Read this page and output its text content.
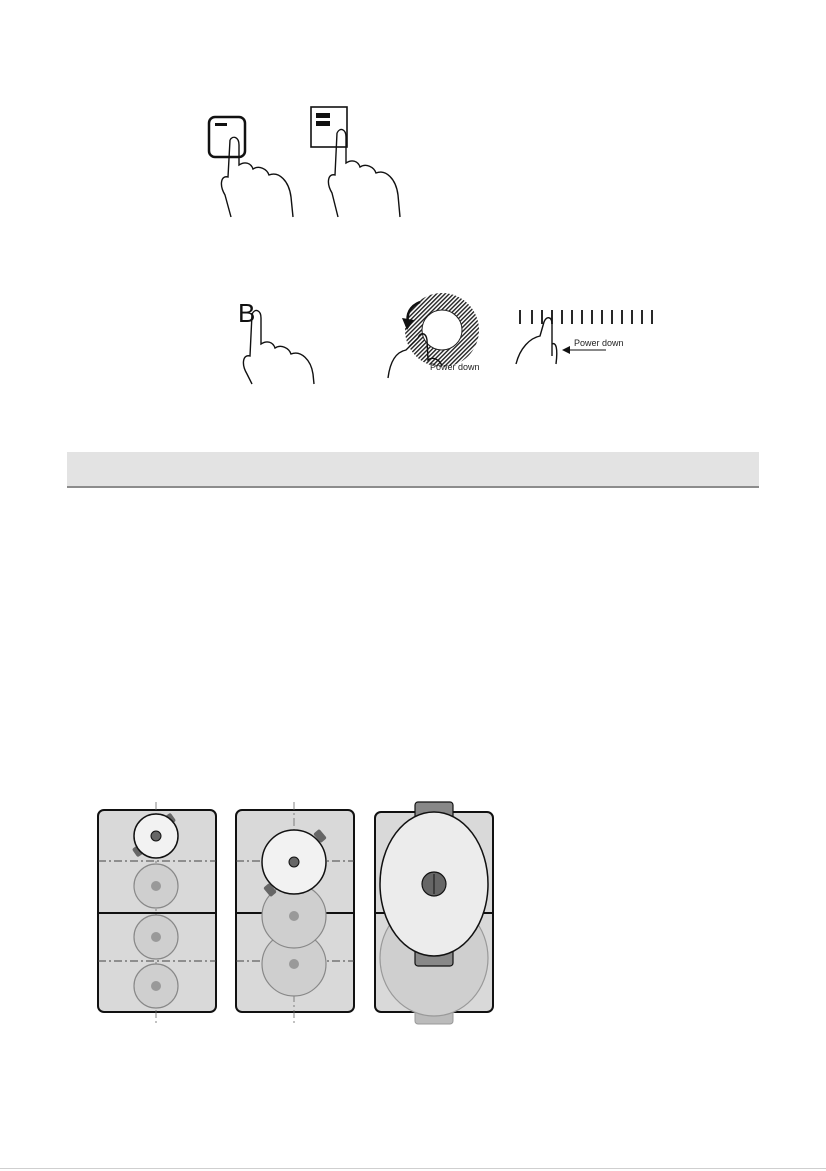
B
Power down
Power down
